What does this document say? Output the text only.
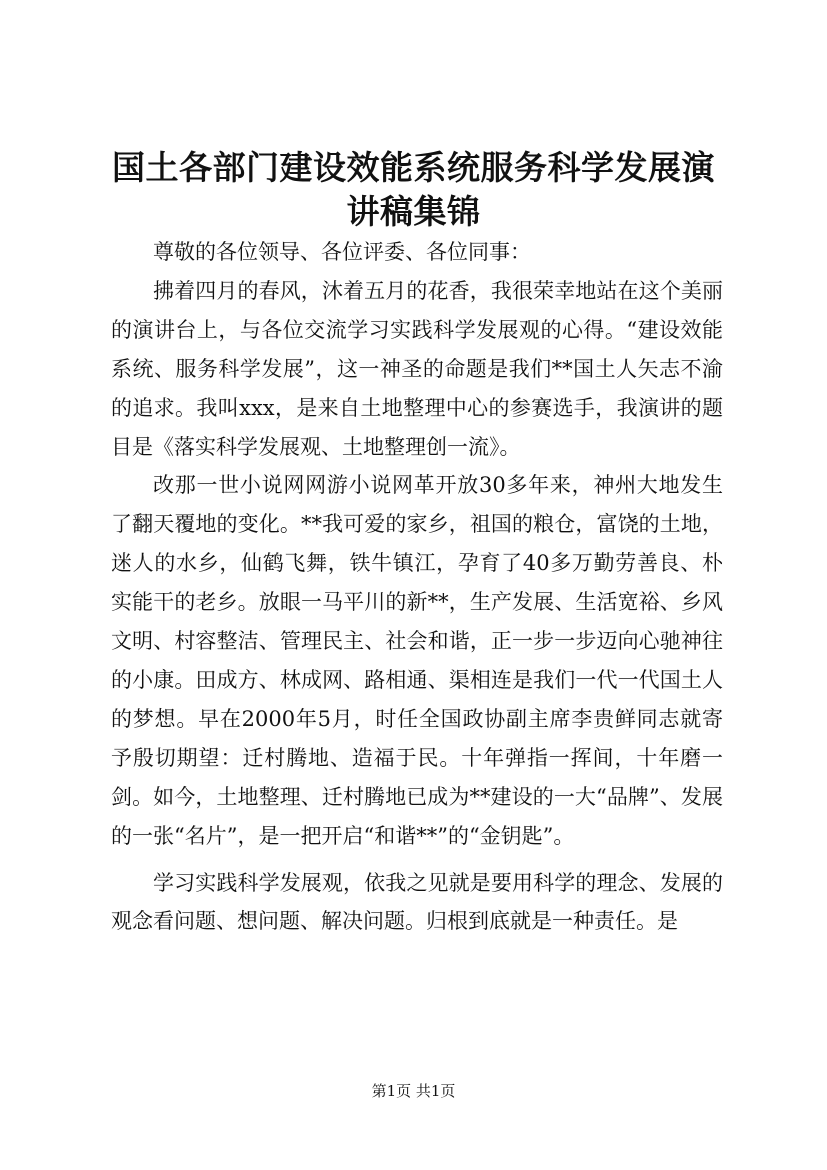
国土各部门建设效能系统服务科学发展演讲稿集锦

尊敬的各位领导、各位评委、各位同事：

拂着四月的春风，沐着五月的花香，我很荣幸地站在这个美丽的演讲台上，与各位交流学习实践科学发展观的心得。“建设效能系统、服务科学发展”，这一神圣的命题是我们**国土人矢志不渝的追求。我叫xxx，是来自土地整理中心的参赛选手，我演讲的题目是《落实科学发展观、土地整理创一流》。

改那一世小说网网游小说网革开放30多年来，神州大地发生了翻天覆地的变化。**我可爱的家乡，祖国的粮仓，富饶的土地，迷人的水乡，仙鹤飞舞，铁牛镇江，孕育了40多万勤劳善良、朴实能干的老乡。放眼一马平川的新**，生产发展、生活宽裕、乡风文明、村容整洁、管理民主、社会和谐，正一步一步迈向心驰神往的小康。田成方、林成网、路相通、渠相连是我们一代一代国土人的梦想。早在2000年5月，时任全国政协副主席李贵鲜同志就寄予殷切期望：迁村腾地、造福于民。十年弹指一挥间，十年磨一剑。如今，土地整理、迁村腾地已成为**建设的一大“品牌”、发展的一张“名片”，是一把开启“和谐**”的“金钥匙”。

学习实践科学发展观，依我之见就是要用科学的理念、发展的观念看问题、想问题、解决问题。归根到底就是一种责任。是

第1页 共1页
